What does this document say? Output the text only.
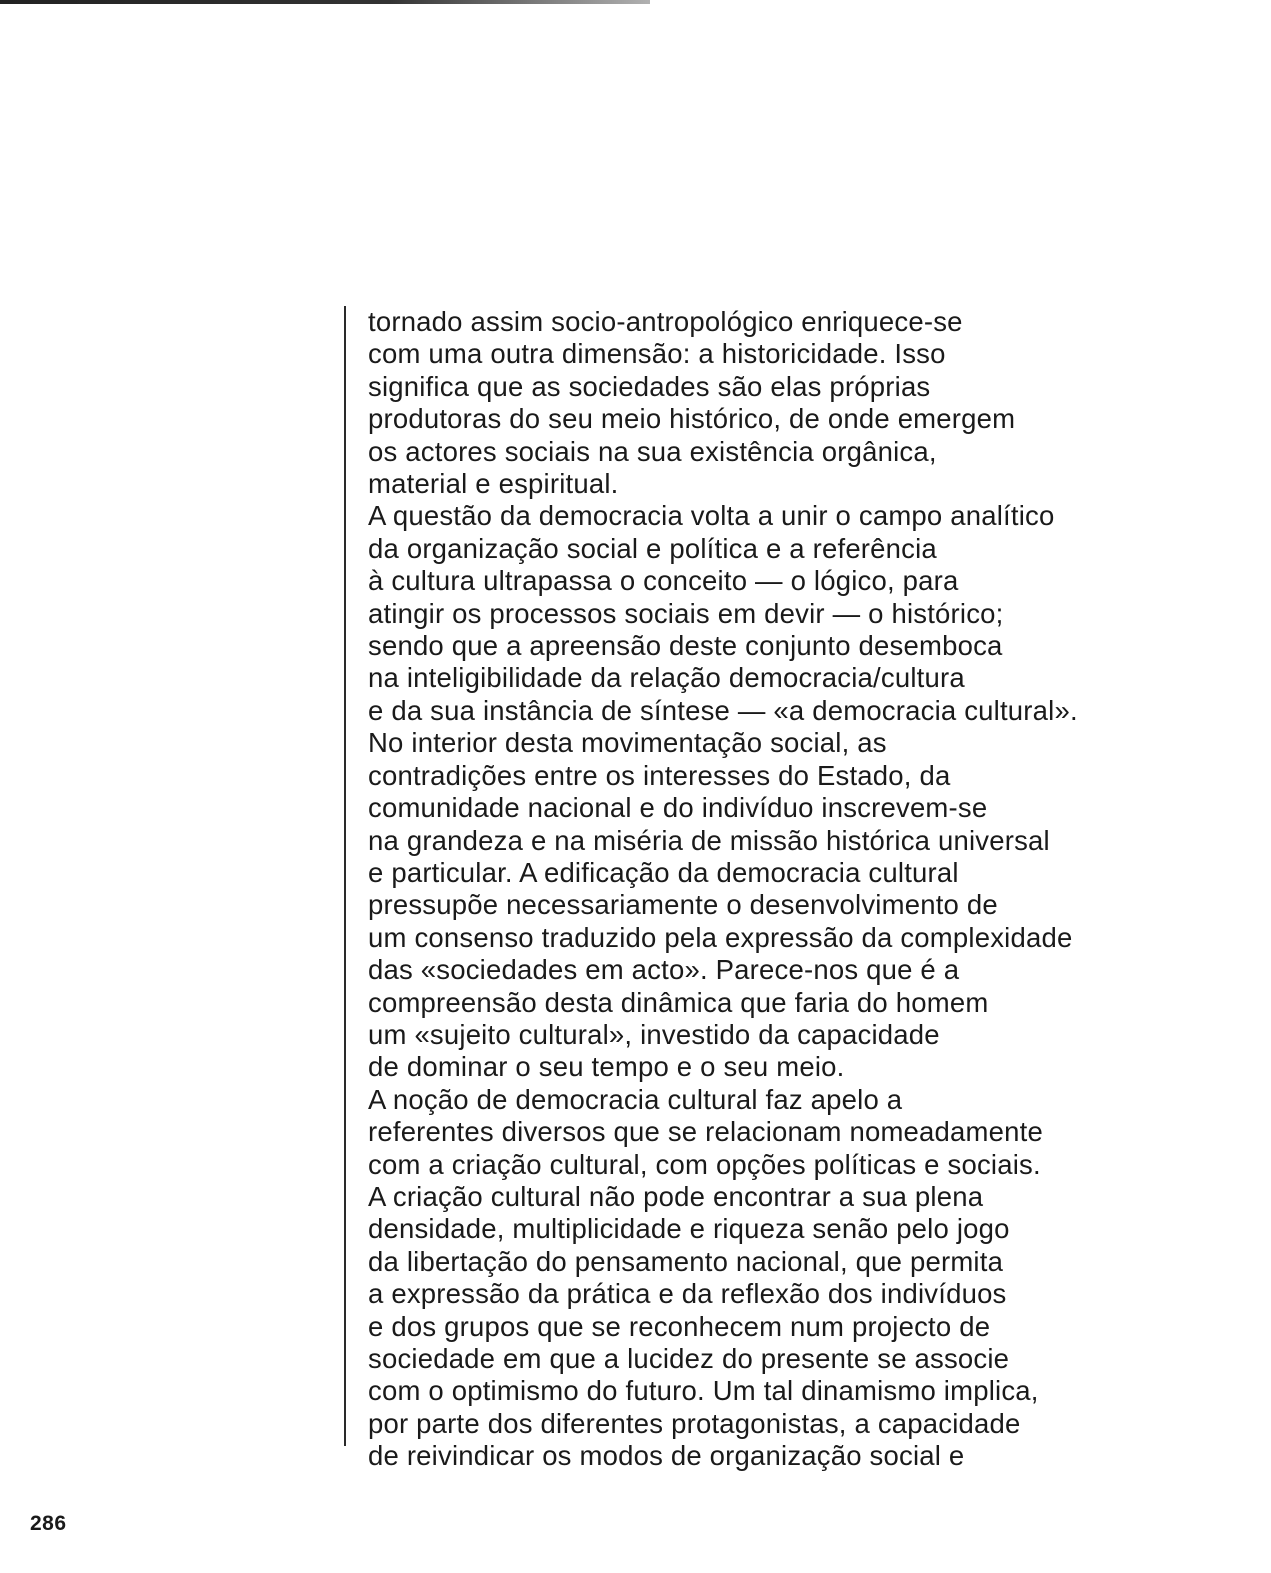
tornado assim socio-antropológico enriquece-se
com uma outra dimensão: a historicidade. Isso
significa que as sociedades são elas próprias
produtoras do seu meio histórico, de onde emergem
os actores sociais na sua existência orgânica,
material e espiritual.
A questão da democracia volta a unir o campo analítico
da organização social e política e a referência
à cultura ultrapassa o conceito — o lógico, para
atingir os processos sociais em devir — o histórico;
sendo que a apreensão deste conjunto desemboca
na inteligibilidade da relação democracia/cultura
e da sua instância de síntese — «a democracia cultural».
No interior desta movimentação social, as
contradições entre os interesses do Estado, da
comunidade nacional e do indivíduo inscrevem-se
na grandeza e na miséria de missão histórica universal
e particular. A edificação da democracia cultural
pressupõe necessariamente o desenvolvimento de
um consenso traduzido pela expressão da complexidade
das «sociedades em acto». Parece-nos que é a
compreensão desta dinâmica que faria do homem
um «sujeito cultural», investido da capacidade
de dominar o seu tempo e o seu meio.
A noção de democracia cultural faz apelo a
referentes diversos que se relacionam nomeadamente
com a criação cultural, com opções políticas e sociais.
A criação cultural não pode encontrar a sua plena
densidade, multiplicidade e riqueza senão pelo jogo
da libertação do pensamento nacional, que permita
a expressão da prática e da reflexão dos indivíduos
e dos grupos que se reconhecem num projecto de
sociedade em que a lucidez do presente se associe
com o optimismo do futuro. Um tal dinamismo implica,
por parte dos diferentes protagonistas, a capacidade
de reivindicar os modos de organização social e
286
